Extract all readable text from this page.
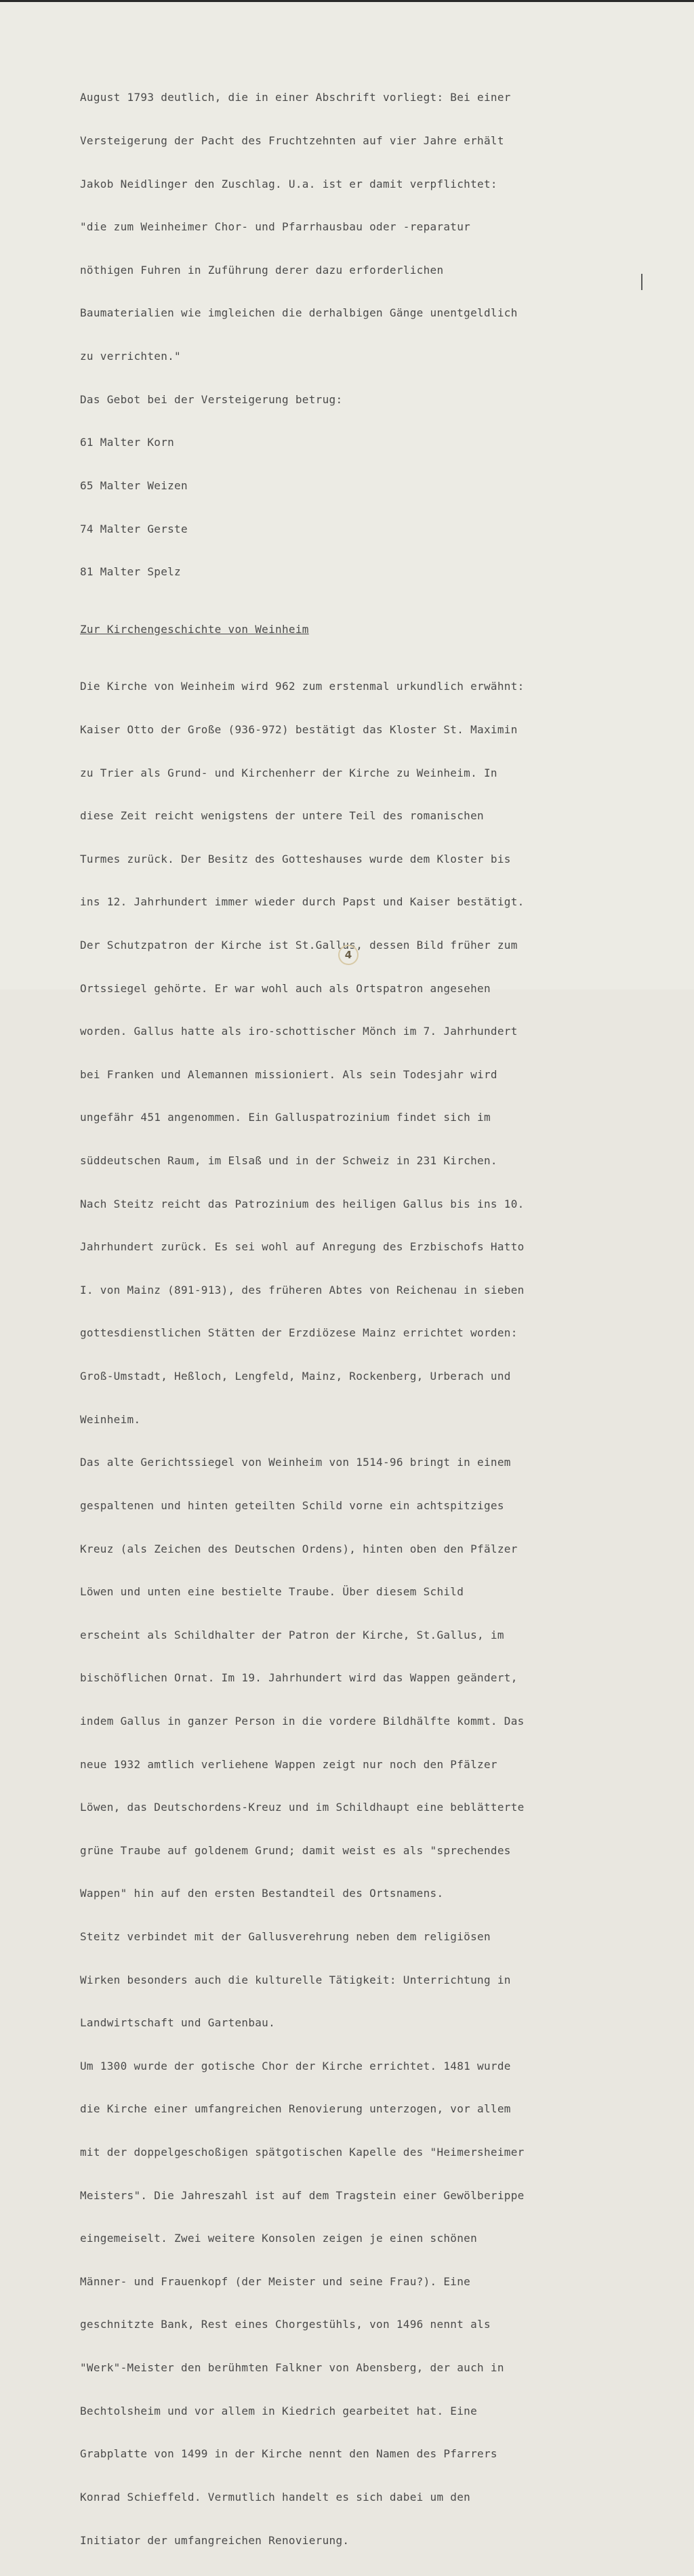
August 1793 deutlich, die in einer Abschrift vorliegt: Bei einer

Versteigerung der Pacht des Fruchtzehnten auf vier Jahre erhält

Jakob Neidlinger den Zuschlag. U.a. ist er damit verpflichtet:

"die zum Weinheimer Chor- und Pfarrhausbau oder -reparatur

nöthigen Fuhren in Zuführung derer dazu erforderlichen

Baumaterialien wie imgleichen die derhalbigen Gänge unentgeldlich

zu verrichten."

Das Gebot bei der Versteigerung betrug:

61 Malter Korn

65 Malter Weizen

74 Malter Gerste

81 Malter Spelz

Zur Kirchengeschichte von Weinheim

Die Kirche von Weinheim wird 962 zum erstenmal urkundlich erwähnt:

Kaiser Otto der Große (936-972) bestätigt das Kloster St. Maximin

zu Trier als Grund- und Kirchenherr der Kirche zu Weinheim. In

diese Zeit reicht wenigstens der untere Teil des romanischen

Turmes zurück. Der Besitz des Gotteshauses wurde dem Kloster bis

ins 12. Jahrhundert immer wieder durch Papst und Kaiser bestätigt.

Der Schutzpatron der Kirche ist St.Gallus, dessen Bild früher zum

Ortssiegel gehörte. Er war wohl auch als Ortspatron angesehen

worden. Gallus hatte als iro-schottischer Mönch im 7. Jahrhundert

bei Franken und Alemannen missioniert. Als sein Todesjahr wird

ungefähr 451 angenommen. Ein Galluspatrozinium findet sich im

süddeutschen Raum, im Elsaß und in der Schweiz in 231 Kirchen.

Nach Steitz reicht das Patrozinium des heiligen Gallus bis ins 10.

Jahrhundert zurück. Es sei wohl auf Anregung des Erzbischofs Hatto

I. von Mainz (891-913), des früheren Abtes von Reichenau in sieben

gottesdienstlichen Stätten der Erzdiözese Mainz errichtet worden:

Groß-Umstadt, Heßloch, Lengfeld, Mainz, Rockenberg, Urberach und

Weinheim.

Das alte Gerichtssiegel von Weinheim von 1514-96 bringt in einem

gespaltenen und hinten geteilten Schild vorne ein achtspitziges

Kreuz (als Zeichen des Deutschen Ordens), hinten oben den Pfälzer

Löwen und unten eine bestielte Traube. Über diesem Schild

erscheint als Schildhalter der Patron der Kirche, St.Gallus, im

bischöflichen Ornat. Im 19. Jahrhundert wird das Wappen geändert,

indem Gallus in ganzer Person in die vordere Bildhälfte kommt. Das

neue 1932 amtlich verliehene Wappen zeigt nur noch den Pfälzer

Löwen, das Deutschordens-Kreuz und im Schildhaupt eine beblätterte

grüne Traube auf goldenem Grund; damit weist es als "sprechendes

Wappen" hin auf den ersten Bestandteil des Ortsnamens.

Steitz verbindet mit der Gallusverehrung neben dem religiösen

Wirken besonders auch die kulturelle Tätigkeit: Unterrichtung in

Landwirtschaft und Gartenbau.

Um 1300 wurde der gotische Chor der Kirche errichtet. 1481 wurde

die Kirche einer umfangreichen Renovierung unterzogen, vor allem

mit der doppelgeschoßigen spätgotischen Kapelle des "Heimersheimer

Meisters". Die Jahreszahl ist auf dem Tragstein einer Gewölberippe

eingemeiselt. Zwei weitere Konsolen zeigen je einen schönen

Männer- und Frauenkopf (der Meister und seine Frau?). Eine

geschnitzte Bank, Rest eines Chorgestühls, von 1496 nennt als

"Werk"-Meister den berühmten Falkner von Abensberg, der auch in

Bechtolsheim und vor allem in Kiedrich gearbeitet hat. Eine

Grabplatte von 1499 in der Kirche nennt den Namen des Pfarrers

Konrad Schieffeld. Vermutlich handelt es sich dabei um den

Initiator der umfangreichen Renovierung.

4
